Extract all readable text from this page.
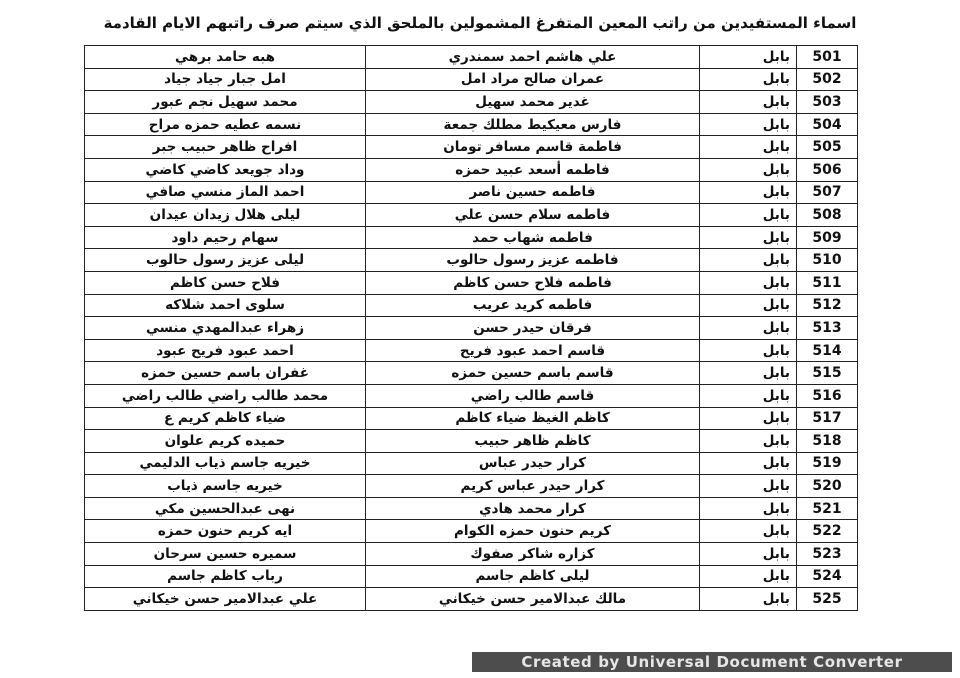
اسماء المستفيدين من راتب المعين المتفرغ المشمولين بالملحق الذي سيتم صرف راتبهم الايام القادمة
هبه حامد برهي	علي هاشم احمد سمندري	بابل	501
امل جبار جياد جياد	عمران صالح مراد امل	بابل	502
محمد سهيل نجم عبور	غدير محمد سهيل	بابل	503
نسمه عطيه حمزه مراح	فارس معيكيط مطلك جمعة	بابل	504
افراح ظاهر حبيب جبر	فاطمة قاسم مسافر تومان	بابل	505
وداد جويعد كاضي كاضي	فاطمه أسعد عبيد حمزه	بابل	506
احمد الماز منسي صافي	فاطمه حسين ناصر	بابل	507
ليلى هلال زيدان عيدان	فاطمه سلام حسن علي	بابل	508
سهام رحيم داود	فاطمه شهاب حمد	بابل	509
ليلى عزيز رسول حالوب	فاطمه عزيز رسول حالوب	بابل	510
فلاح حسن كاظم	فاطمه فلاح حسن كاظم	بابل	511
سلوى احمد شلاكه	فاطمه كريد عريب	بابل	512
زهراء عبدالمهدي منسي	فرقان حيدر حسن	بابل	513
احمد عبود فريح عبود	قاسم احمد عبود فريح	بابل	514
غفران باسم حسين حمزه	قاسم باسم حسين حمزه	بابل	515
محمد طالب راضي طالب راضي	قاسم طالب راضي	بابل	516
ضياء كاظم كريم ع	كاظم الغيظ ضياء كاظم	بابل	517
حميده كريم علوان	كاظم ظاهر حبيب	بابل	518
خيريه جاسم ذياب الدليمي	كرار حيدر عباس	بابل	519
خيريه جاسم ذياب	كرار حيدر عباس كريم	بابل	520
نهى عبدالحسين مكي	كرار محمد هادي	بابل	521
ايه كريم حنون حمزه	كريم حنون حمزه الكوام	بابل	522
سميره حسين سرحان	كزاره شاكر صفوك	بابل	523
رباب كاظم جاسم	ليلى كاظم جاسم	بابل	524
علي عبدالامير حسن خيكاني	مالك عبدالامير حسن خيكاني	بابل	525
Created by Universal Document Converter
